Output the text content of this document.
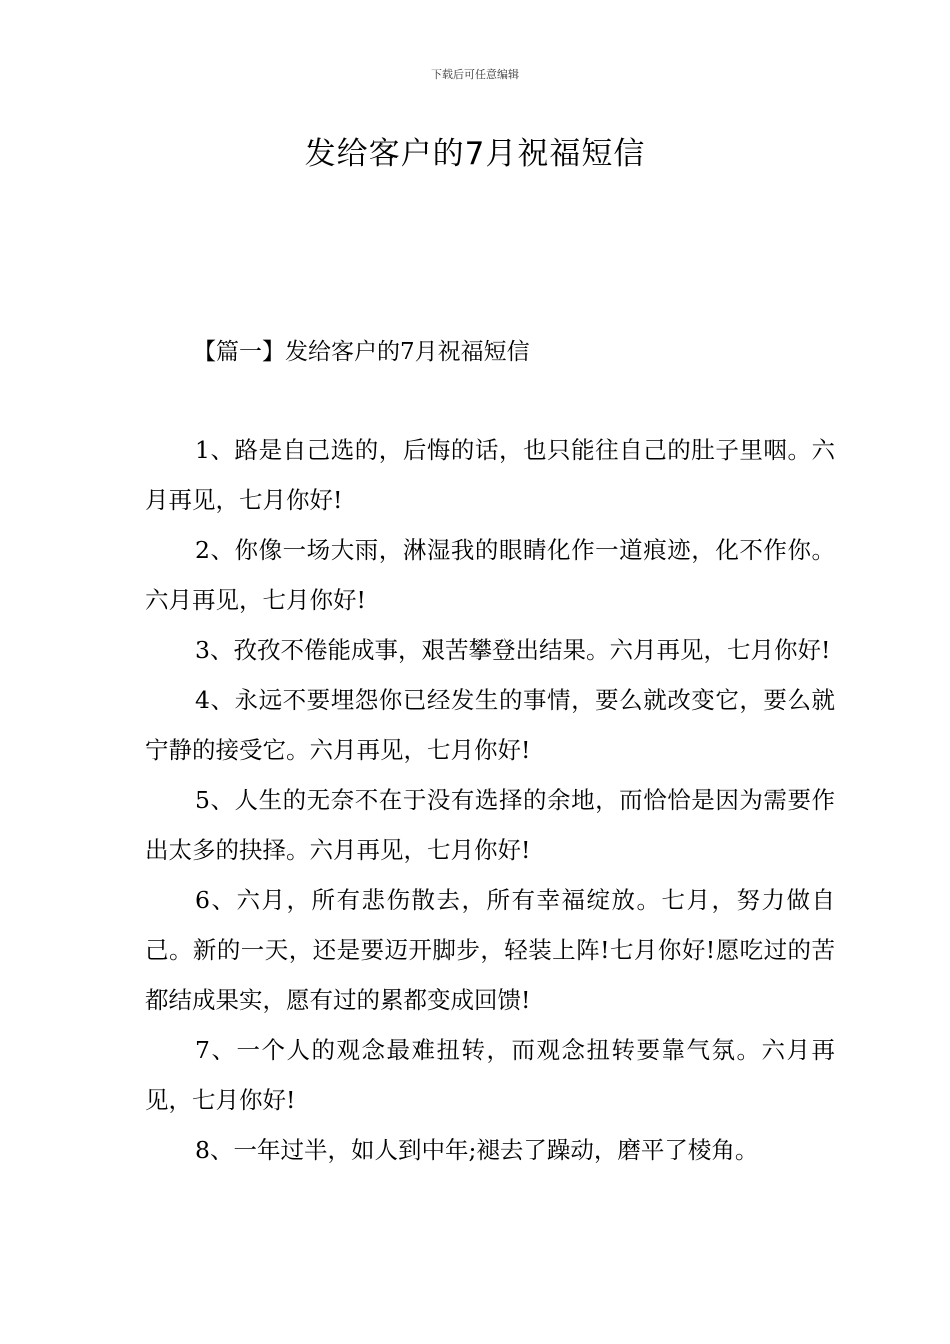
下载后可任意编辑
发给客户的7月祝福短信
【篇一】发给客户的7月祝福短信

1、路是自己选的，后悔的话，也只能往自己的肚子里咽。六月再见，七月你好!

2、你像一场大雨，淋湿我的眼睛化作一道痕迹，化不作你。六月再见，七月你好!

3、孜孜不倦能成事，艰苦攀登出结果。六月再见，七月你好!

4、永远不要埋怨你已经发生的事情，要么就改变它，要么就宁静的接受它。六月再见，七月你好!

5、人生的无奈不在于没有选择的余地，而恰恰是因为需要作出太多的抉择。六月再见，七月你好!

6、六月，所有悲伤散去，所有幸福绽放。七月，努力做自己。新的一天，还是要迈开脚步，轻装上阵!七月你好!愿吃过的苦都结成果实，愿有过的累都变成回馈!

7、一个人的观念最难扭转，而观念扭转要靠气氛。六月再见，七月你好!

8、一年过半，如人到中年;褪去了躁动，磨平了棱角。
